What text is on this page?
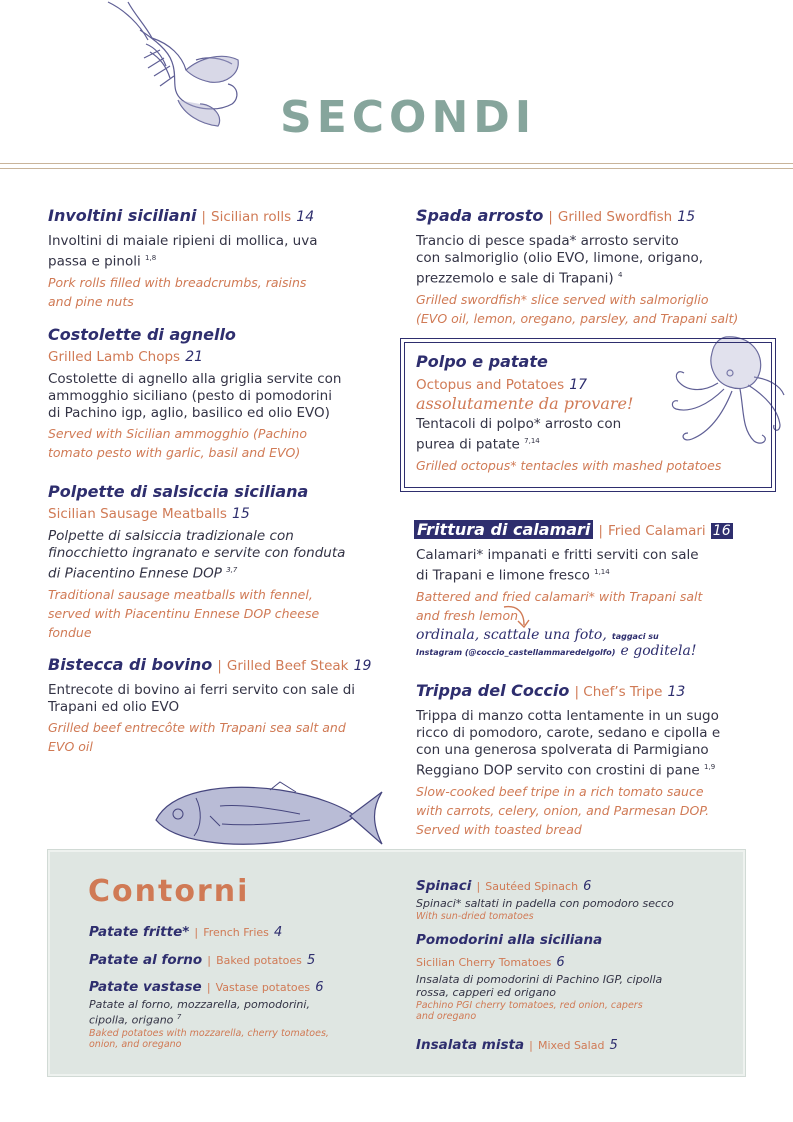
SECONDI
Involtini siciliani | Sicilian rolls 14
Involtini di maiale ripieni di mollica, uva
passa e pinoli $^{1,8}$
Pork rolls filled with breadcrumbs, raisins
and pine nuts
Costolette di agnello
Grilled Lamb Chops 21
Costolette di agnello alla griglia servite con
ammogghio siciliano (pesto di pomodorini
di Pachino igp, aglio, basilico ed olio EVO)
Served with Sicilian ammogghio (Pachino
tomato pesto with garlic, basil and EVO)
Polpette di salsiccia siciliana
Sicilian Sausage Meatballs 15
Polpette di salsiccia tradizionale con
finocchietto ingranato e servite con fonduta
di Piacentino Ennese DOP $^{3,7}$
Traditional sausage meatballs with fennel,
served with Piacentinu Ennese DOP cheese
fondue
Bistecca di bovino | Grilled Beef Steak 19
Entrecote di bovino ai ferri servito con sale di
Trapani ed olio EVO
Grilled beef entrecôte with Trapani sea salt and
EVO oil
Spada arrosto | Grilled Swordfish 15
Trancio di pesce spada* arrosto servito
con salmoriglio (olio EVO, limone, origano,
prezzemolo e sale di Trapani) $^4$
Grilled swordfish* slice served with salmoriglio
(EVO oil, lemon, oregano, parsley, and Trapani salt)
Polpo e patate
Octopus and Potatoes 17
assolutamente da provare!
Tentacoli di polpo* arrosto con
purea di patate $^{7,14}$
Grilled octopus* tentacles with mashed potatoes
Frittura di calamari | Fried Calamari 16
Calamari* impanati e fritti serviti con sale
di Trapani e limone fresco $^{1,14}$
Battered and fried calamari* with Trapani salt
and fresh lemon
ordinala, scattale una foto, taggaci su
Instagram (@coccio_castellammaredelgolfo) e goditela!
Trippa del Coccio | Chef’s Tripe 13
Trippa di manzo cotta lentamente in un sugo
ricco di pomodoro, carote, sedano e cipolla e
con una generosa spolverata di Parmigiano
Reggiano DOP servito con crostini di pane $^{1,9}$
Slow-cooked beef tripe in a rich tomato sauce
with carrots, celery, onion, and Parmesan DOP.
Served with toasted bread
Contorni
Patate fritte* | French Fries 4
Patate al forno | Baked potatoes 5
Patate vastase | Vastase potatoes 6
Patate al forno, mozzarella, pomodorini,
cipolla, origano $^7$
Baked potatoes with mozzarella, cherry tomatoes,
onion, and oregano
Spinaci | Sautéed Spinach 6
Spinaci* saltati in padella con pomodoro secco
With sun-dried tomatoes
Pomodorini alla siciliana
Sicilian Cherry Tomatoes 6
Insalata di pomodorini di Pachino IGP, cipolla
rossa, capperi ed origano
Pachino PGI cherry tomatoes, red onion, capers
and oregano
Insalata mista | Mixed Salad 5
